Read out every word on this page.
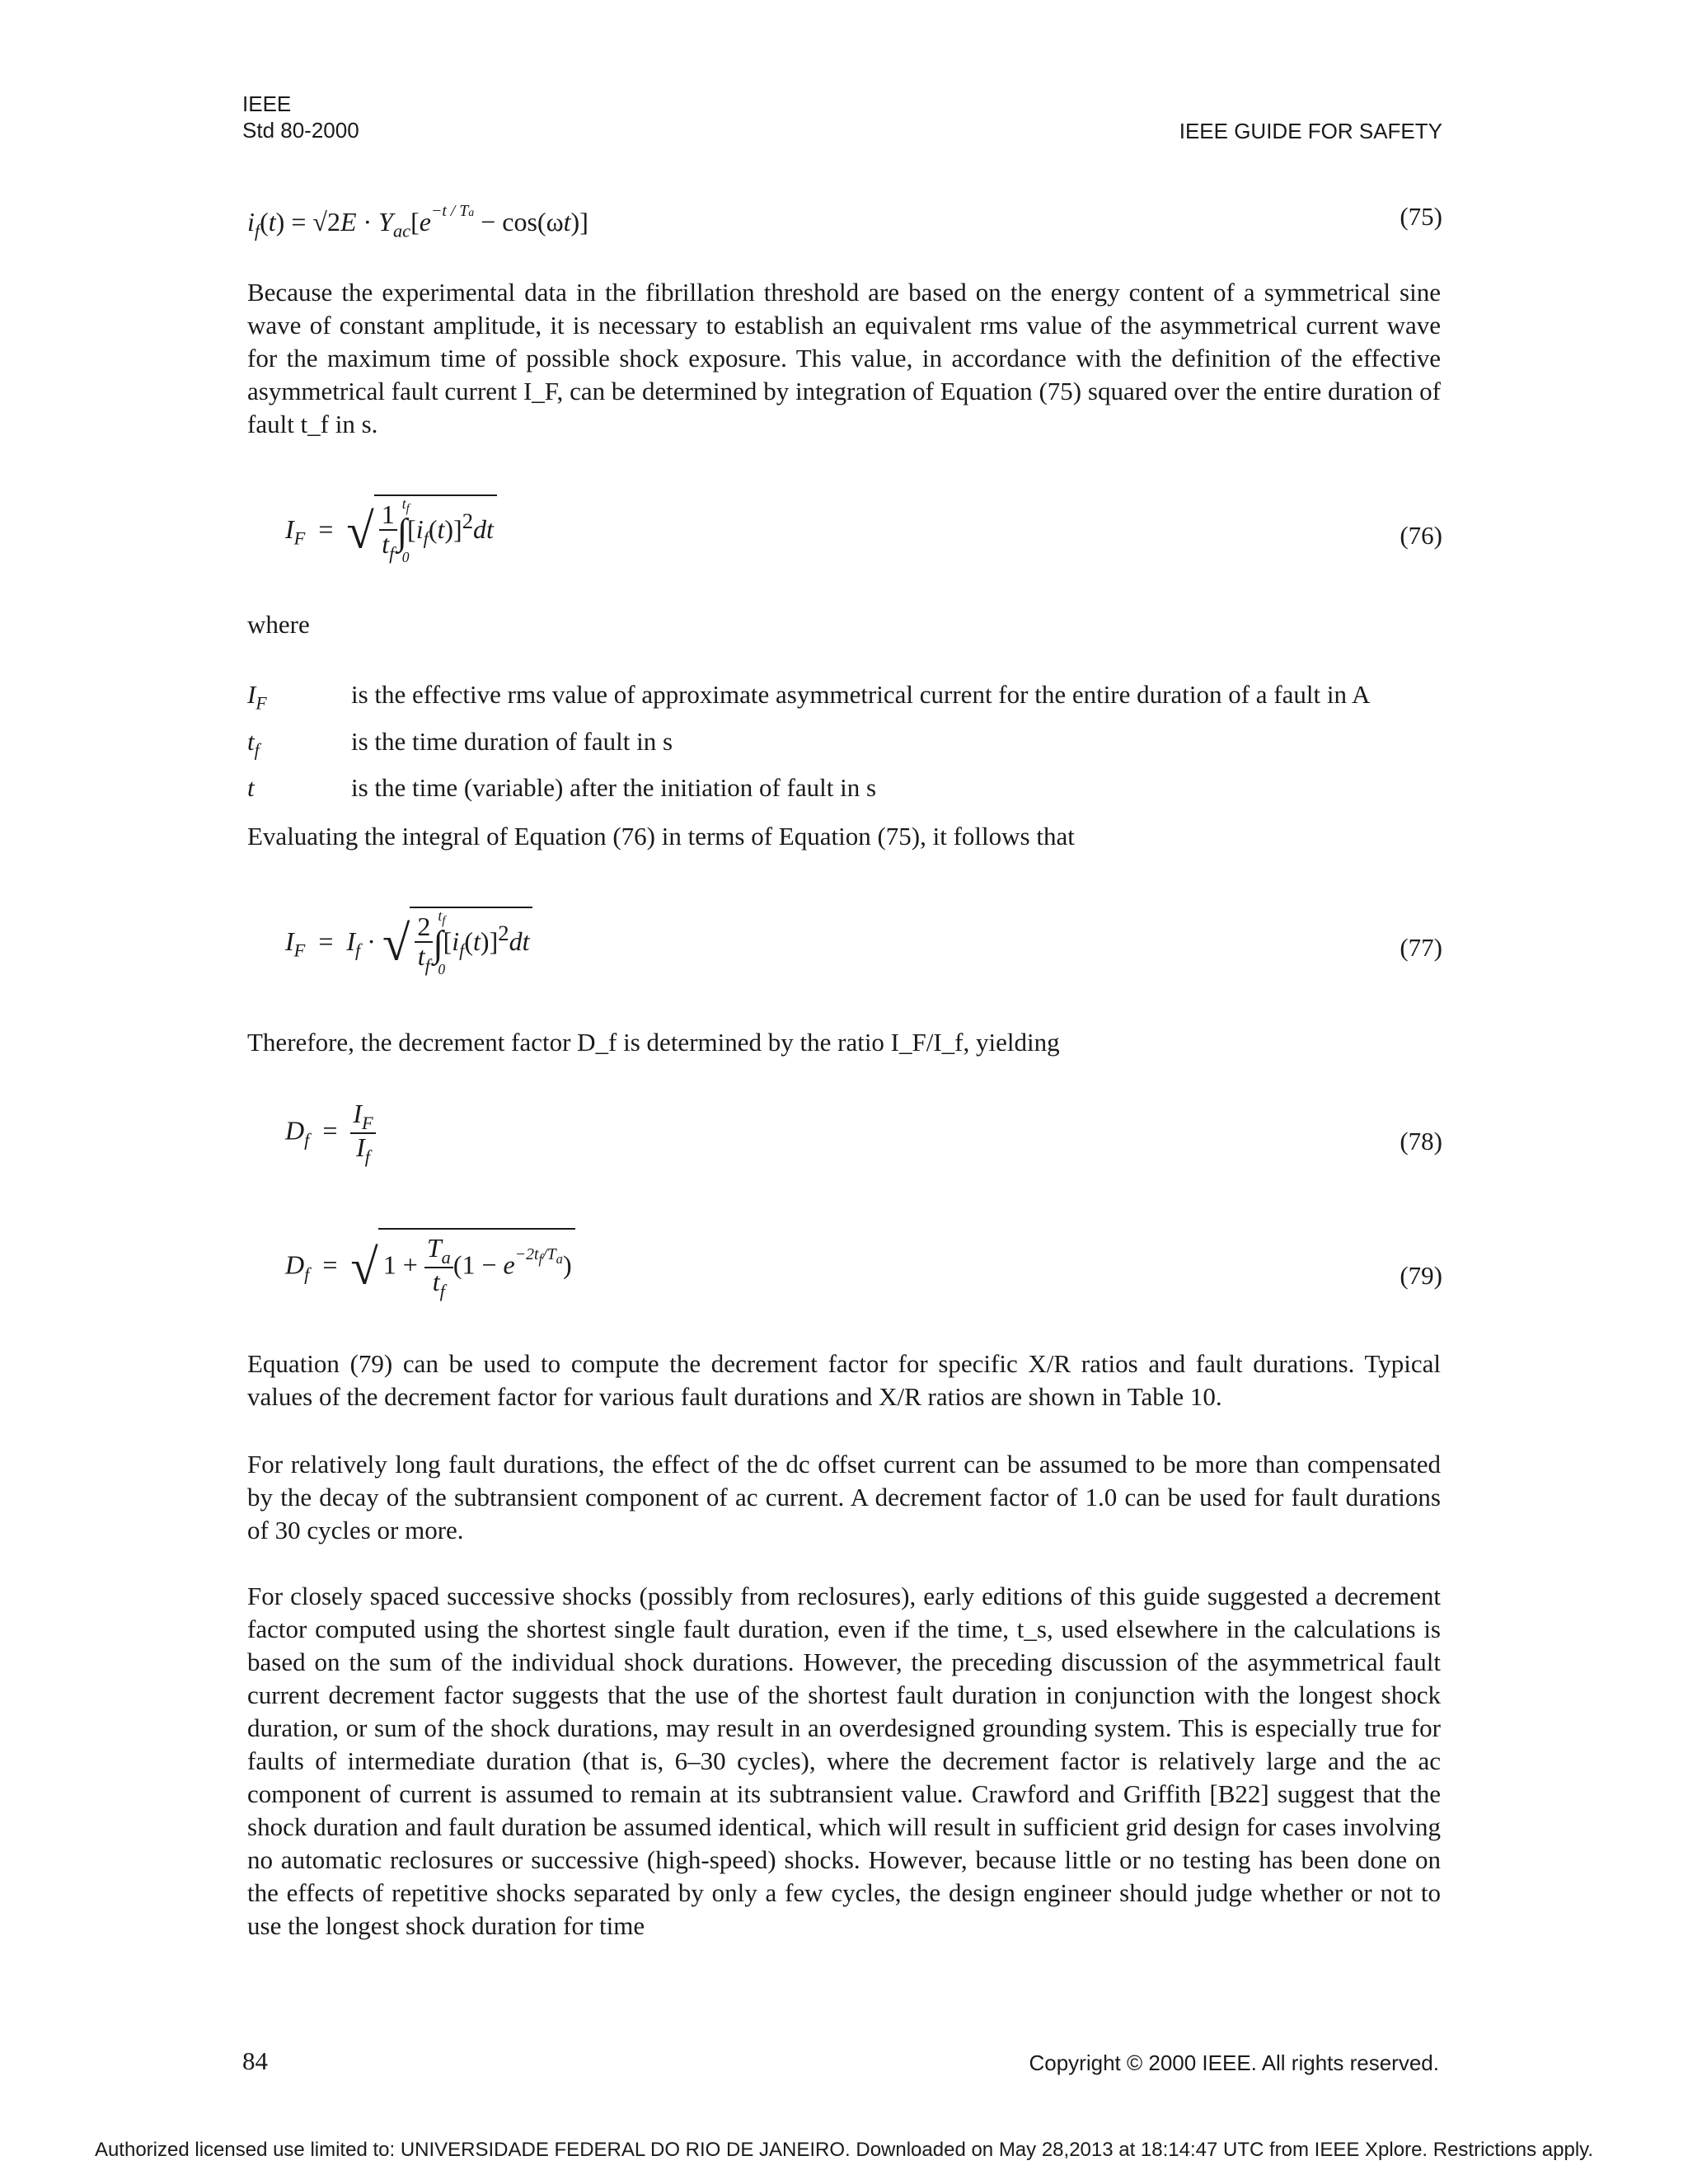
IEEE
Std 80-2000	IEEE GUIDE FOR SAFETY
$i_f(t) = √2E \cdot Y_{ac}[e^{-t / Ta} - \cos(\omega t)]$	(75)

Because the experimental data in the fibrillation threshold are based on the energy content of a symmetrical sine wave of constant amplitude, it is necessary to establish an equivalent rms value of the asymmetrical current wave for the maximum time of possible shock exposure. This value, in accordance with the definition of the effective asymmetrical fault current I_F, can be determined by integration of Equation (75) squared over the entire duration of fault t_f in s.

$I_F$  =  √ $\frac{1}{t_f} t_f$
∫
0
$[i_f(t)]^2dt$	(76)
where
$I_F$	is the effective rms value of approximate asymmetrical current for the entire duration of a fault in A
$t_f$	is the time duration of fault in s
t	is the time (variable) after the initiation of fault in s

Evaluating the integral of Equation (76) in terms of Equation (75), it follows that

$I_F = I_f$ · √ $\frac{2}{t_f} t_f$
∫
0
$[i_f(t)]^2dt$	(77)

Therefore, the decrement factor D_f is determined by the ratio I_F/I_f, yielding

$D_f = \frac{I_F}{I_f}$	(78)
$D_f = √1 + \frac{T_a}{t_f} (1 - e^{-2t_f/T_a})$	(79)

Equation (79) can be used to compute the decrement factor for specific X/R ratios and fault durations. Typical values of the decrement factor for various fault durations and X/R ratios are shown in Table 10.

For relatively long fault durations, the effect of the dc offset current can be assumed to be more than compensated by the decay of the subtransient component of ac current. A decrement factor of 1.0 can be used for fault durations of 30 cycles or more.

For closely spaced successive shocks (possibly from reclosures), early editions of this guide suggested a decrement factor computed using the shortest single fault duration, even if the time, t_s, used elsewhere in the calculations is based on the sum of the individual shock durations. However, the preceding discussion of the asymmetrical fault current decrement factor suggests that the use of the shortest fault duration in conjunction with the longest shock duration, or sum of the shock durations, may result in an overdesigned grounding system. This is especially true for faults of intermediate duration (that is, 6–30 cycles), where the decrement factor is relatively large and the ac component of current is assumed to remain at its subtransient value. Crawford and Griffith [B22] suggest that the shock duration and fault duration be assumed identical, which will result in sufficient grid design for cases involving no automatic reclosures or successive (high-speed) shocks. However, because little or no testing has been done on the effects of repetitive shocks separated by only a few cycles, the design engineer should judge whether or not to use the longest shock duration for time

84	Copyright © 2000 IEEE. All rights reserved.
Authorized licensed use limited to: UNIVERSIDADE FEDERAL DO RIO DE JANEIRO. Downloaded on May 28,2013 at 18:14:47 UTC from IEEE Xplore. Restrictions apply.
